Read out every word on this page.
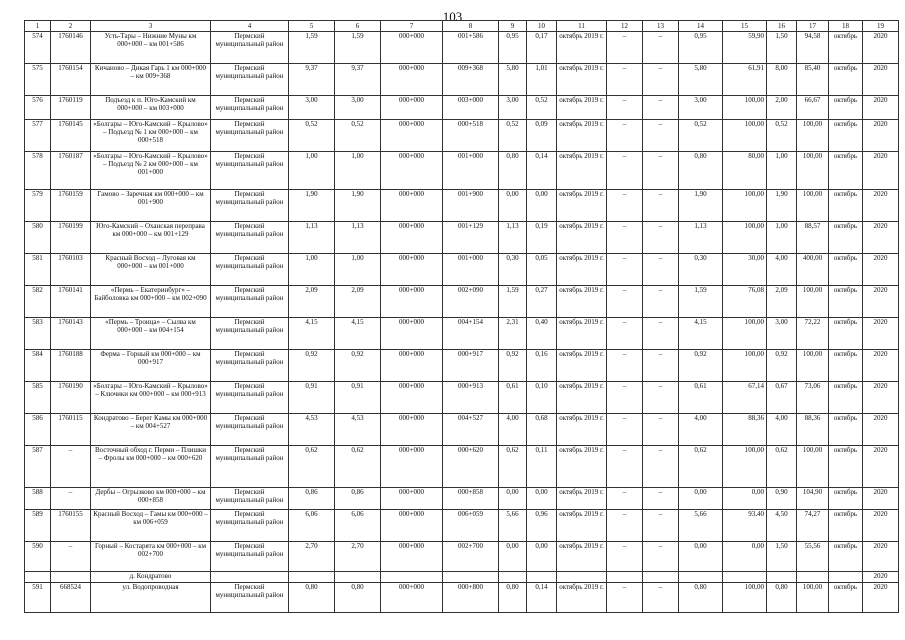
103
1	2	3	4	5	6	7	8	9	10	11	12	13	14	15	16	17	18	19
574	1760146	Усть-Тары – Нижние Муны км 000+000 – км 001+586	Пермский муниципальный район	1,59	1,59	000+000	001+586	0,95	0,17	октябрь 2019 г.	–	–	0,95	59,90	1,50	94,58	октябрь	2020
575	1760154	Кичаново – Дикая Гарь 1 км 000+000 – км 009+368	Пермский муниципальный район	9,37	9,37	000+000	009+368	5,80	1,01	октябрь 2019 г.	–	–	5,80	61,91	8,00	85,40	октябрь	2020
576	1760119	Подъезд к п. Юго-Камский км 000+000 – км 003+000	Пермский муниципальный район	3,00	3,00	000+000	003+000	3,00	0,52	октябрь 2019 г.	–	–	3,00	100,00	2,00	66,67	октябрь	2020
577	1760145	«Болгары – Юго-Камский – Крылово» – Подъезд № 1 км 000+000 – км 000+518	Пермский муниципальный район	0,52	0,52	000+000	000+518	0,52	0,09	октябрь 2019 г.	–	–	0,52	100,00	0,52	100,00	октябрь	2020
578	1760187	«Болгары – Юго-Камский – Крылово» – Подъезд № 2 км 000+000 – км 001+000	Пермский муниципальный район	1,00	1,00	000+000	001+000	0,80	0,14	октябрь 2019 г.	–	–	0,80	80,00	1,00	100,00	октябрь	2020
579	1760159	Гамово – Заречная км 000+000 – км 001+900	Пермский муниципальный район	1,90	1,90	000+000	001+900	0,00	0,00	октябрь 2019 г.	–	–	1,90	100,00	1,90	100,00	октябрь	2020
580	1760199	Юго-Камский – Оханская переправа км 000+000 – км 001+129	Пермский муниципальный район	1,13	1,13	000+000	001+129	1,13	0,19	октябрь 2019 г.	–	–	1,13	100,00	1,00	88,57	октябрь	2020
581	1760103	Красный Восход – Луговая км 000+000 – км 001+000	Пермский муниципальный район	1,00	1,00	000+000	001+000	0,30	0,05	октябрь 2019 г.	–	–	0,30	30,00	4,00	400,00	октябрь	2020
582	1760141	«Пермь – Екатеринбург» – Байболовка км 000+000 – км 002+090	Пермский муниципальный район	2,09	2,09	000+000	002+090	1,59	0,27	октябрь 2019 г.	–	–	1,59	76,08	2,09	100,00	октябрь	2020
583	1760143	«Пермь – Троица» – Сылва км 000+000 – км 004+154	Пермский муниципальный район	4,15	4,15	000+000	004+154	2,31	0,40	октябрь 2019 г.	–	–	4,15	100,00	3,00	72,22	октябрь	2020
584	1760188	Ферма – Горный км 000+000 – км 000+917	Пермский муниципальный район	0,92	0,92	000+000	000+917	0,92	0,16	октябрь 2019 г.	–	–	0,92	100,00	0,92	100,00	октябрь	2020
585	1760190	«Болгары – Юго-Камский – Крылово» – Ключики км 000+000 – км 000+913	Пермский муниципальный район	0,91	0,91	000+000	000+913	0,61	0,10	октябрь 2019 г.	–	–	0,61	67,14	0,67	73,06	октябрь	2020
586	1760115	Кондратово – Берег Камы км 000+000 – км 004+527	Пермский муниципальный район	4,53	4,53	000+000	004+527	4,00	0,68	октябрь 2019 г.	–	–	4,00	88,36	4,00	88,36	октябрь	2020
587	–	Восточный обход г. Перми – Плишки – Фролы км 000+000 – км 000+620	Пермский муниципальный район	0,62	0,62	000+000	000+620	0,62	0,11	октябрь 2019 г.	–	–	0,62	100,00	0,62	100,00	октябрь	2020
588	–	Дербы – Огрызково км 000+000 – км 000+858	Пермский муниципальный район	0,86	0,86	000+000	000+858	0,00	0,00	октябрь 2019 г.	–	–	0,00	0,00	0,90	104,90	октябрь	2020
589	1760155	Красный Восход – Гамы км 000+000 – км 006+059	Пермский муниципальный район	6,06	6,06	000+000	006+059	5,66	0,96	октябрь 2019 г.	–	–	5,66	93,40	4,50	74,27	октябрь	2020
590	–	Горный – Костарята км 000+000 – км 002+700	Пермский муниципальный район	2,70	2,70	000+000	002+700	0,00	0,00	октябрь 2019 г.	–	–	0,00	0,00	1,50	55,56	октябрь	2020
		д. Кондратово																2020
591	668524	ул. Водопроводная	Пермский муниципальный район	0,80	0,80	000+000	000+800	0,80	0,14	октябрь 2019 г.	–	–	0,80	100,00	0,80	100,00	октябрь	2020
